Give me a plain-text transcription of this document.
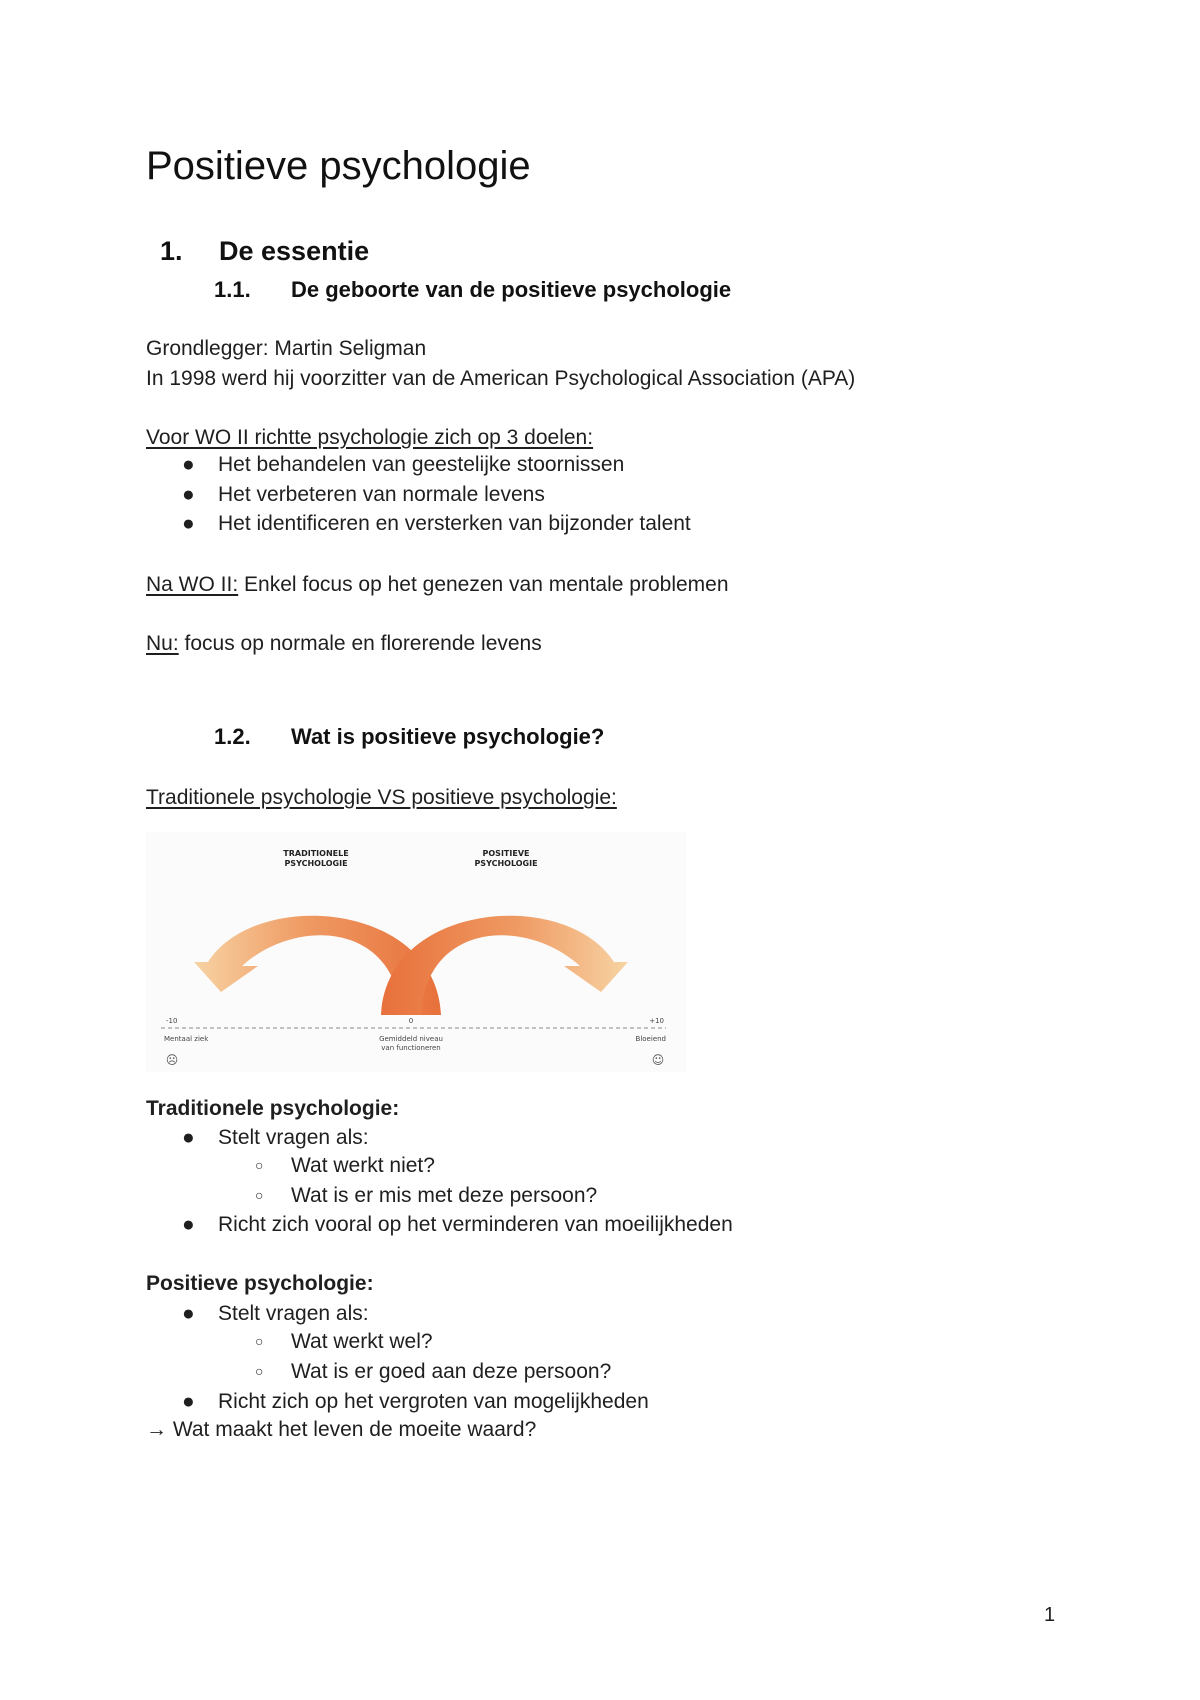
Positieve psychologie
1. De essentie
1.1. De geboorte van de positieve psychologie
Grondlegger: Martin Seligman
In 1998 werd hij voorzitter van de American Psychological Association (APA)
Voor WO II richtte psychologie zich op 3 doelen:
● Het behandelen van geestelijke stoornissen
● Het verbeteren van normale levens
● Het identificeren en versterken van bijzonder talent
Na WO II: Enkel focus op het genezen van mentale problemen
Nu: focus op normale en florerende levens
1.2. Wat is positieve psychologie?
Traditionele psychologie VS positieve psychologie:
TRADITIONELE
PSYCHOLOGIE
POSITIEVE
PSYCHOLOGIE
-10	0	+10
Mentaal ziek	Gemiddeld niveau
van functioneren
Bloeiend
☹	☺
Traditionele psychologie:
● Stelt vragen als:
○ Wat werkt niet?
○ Wat is er mis met deze persoon?
● Richt zich vooral op het verminderen van moeilijkheden
Positieve psychologie:
● Stelt vragen als:
○ Wat werkt wel?
○ Wat is er goed aan deze persoon?
● Richt zich op het vergroten van mogelijkheden
→ Wat maakt het leven de moeite waard?
1
